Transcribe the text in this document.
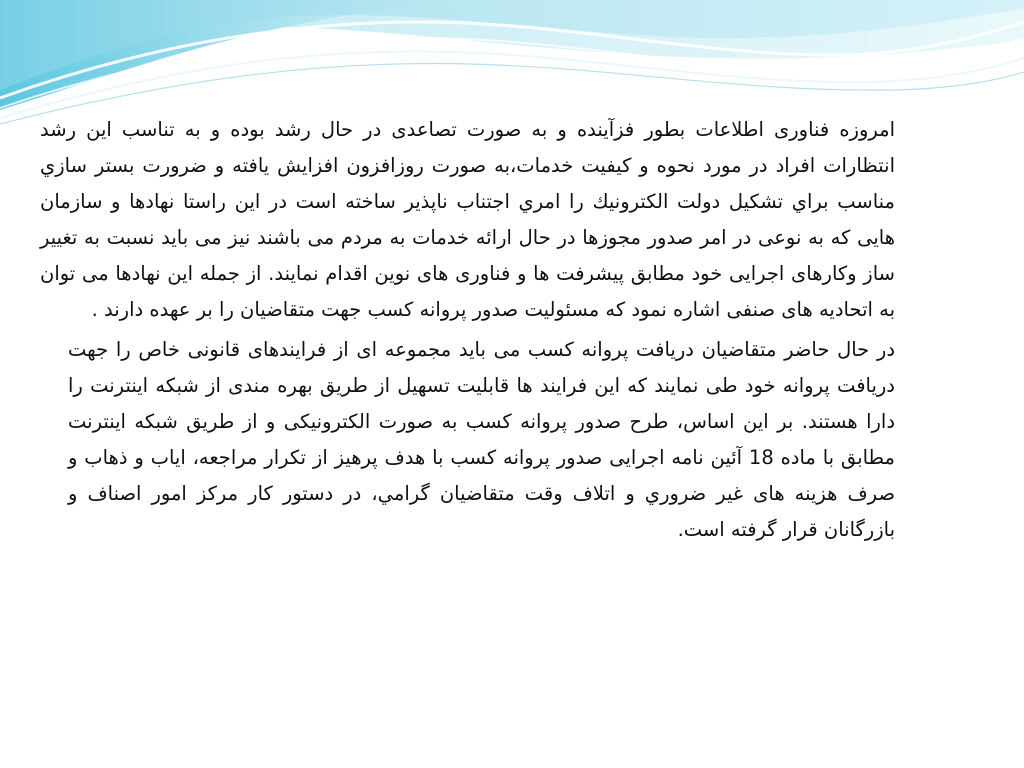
امروزه فناوری اطلاعات بطور فزآینده و به صورت تصاعدی در حال رشد بوده و به تناسب این رشد انتظارات افراد در مورد نحوه و کیفیت خدمات،به صورت روزافزون افزایش یافته و ضرورت بستر سازي مناسب براي تشكيل دولت الكترونيك را امري اجتناب ناپذير ساخته است در این راستا نهادها و سازمان هایی که به نوعی در امر صدور مجوزها در حال ارائه خدمات به مردم می باشند نیز می باید نسبت به تغییر ساز وکارهای اجرایی خود مطابق پیشرفت ها و فناوری های نوین اقدام نمایند. از جمله این نهادها می توان به اتحادیه های صنفی اشاره نمود که مسئولیت صدور پروانه کسب جهت متقاضیان را بر عهده دارند .

در حال حاضر متقاضیان دریافت پروانه کسب می باید مجموعه ای از فرایندهای قانونی خاص را جهت دریافت پروانه خود طی نمایند که این فرایند ها قابلیت تسهیل از طریق بهره مندی از شبکه اینترنت را دارا هستند. بر این اساس، طرح صدور پروانه کسب به صورت الکترونیکی و از طریق شبکه اینترنت مطابق با ماده 18 آئین نامه اجرایی صدور پروانه کسب با هدف پرهیز از تکرار مراجعه، ایاب و ذهاب و صرف هزینه های غیر ضروري و اتلاف وقت متقاضیان گرامي، در دستور کار مرکز امور اصناف و بازرگانان قرار گرفته است.
